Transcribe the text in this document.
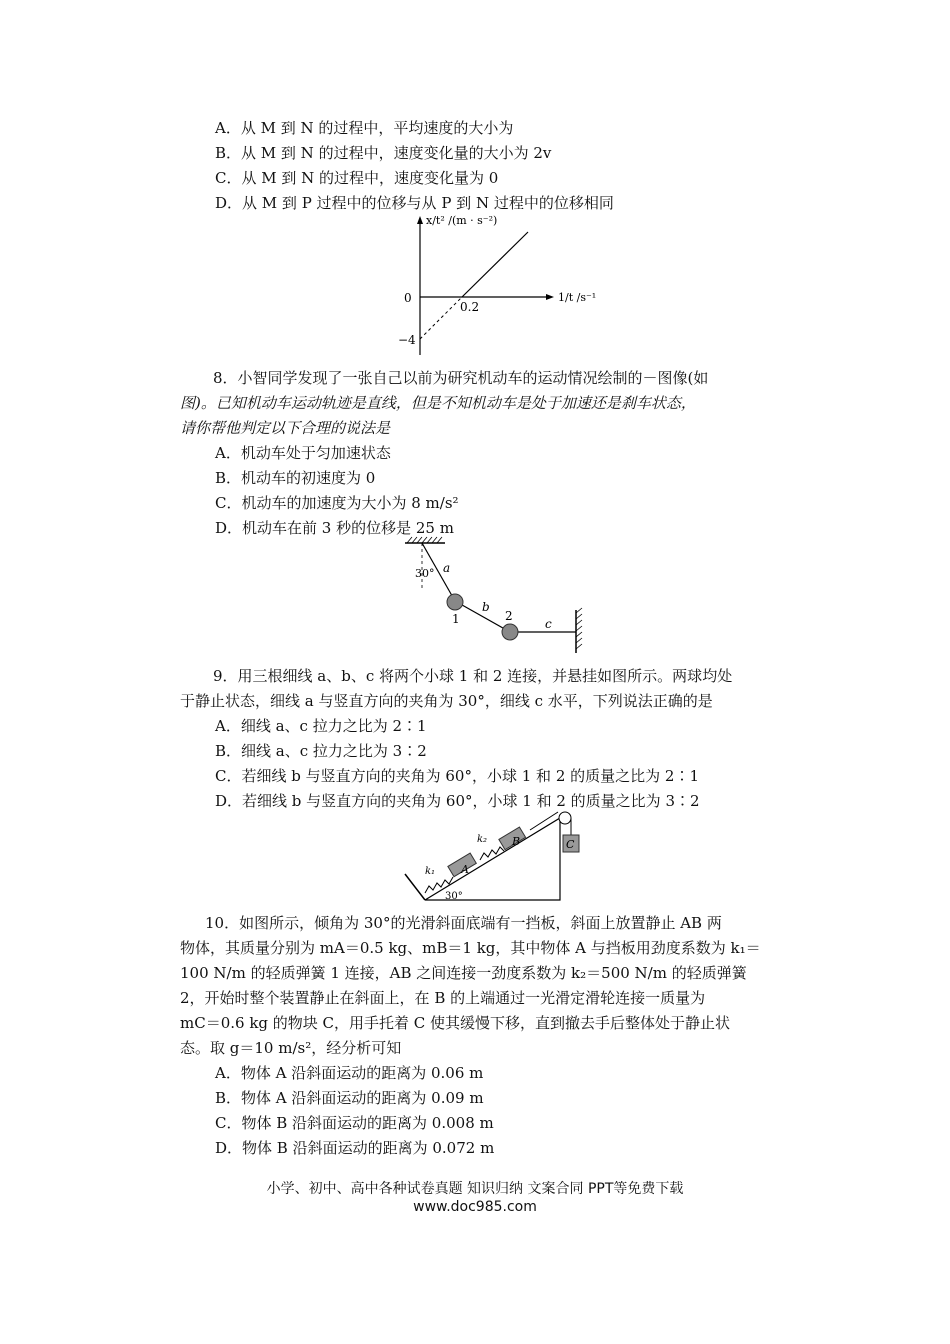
A．从 M 到 N 的过程中，平均速度的大小为
B．从 M 到 N 的过程中，速度变化量的大小为 2v
C．从 M 到 N 的过程中，速度变化量为 0
D．从 M 到 P 过程中的位移与从 P 到 N 过程中的位移相同
x/t² /(m · s⁻²)
1/t /s⁻¹
0
0.2
−4
8．小智同学发现了一张自己以前为研究机动车的运动情况绘制的－图像(如
图)。已知机动车运动轨迹是直线，但是不知机动车是处于加速还是刹车状态，
请你帮他判定以下合理的说法是
A．机动车处于匀加速状态
B．机动车的初速度为 0
C．机动车的加速度为大小为 8 m/s²
D．机动车在前 3 秒的位移是 25 m
30° a
b
c
1	2
9．用三根细线 a、b、c 将两个小球 1 和 2 连接，并悬挂如图所示。两球均处
于静止状态，细线 a 与竖直方向的夹角为 30°，细线 c 水平，下列说法正确的是
A．细线 a、c 拉力之比为 2∶1
B．细线 a、c 拉力之比为 3∶2
C．若细线 b 与竖直方向的夹角为 60°，小球 1 和 2 的质量之比为 2∶1
D．若细线 b 与竖直方向的夹角为 60°，小球 1 和 2 的质量之比为 3∶2
k₁
k₂
A
B	C
30°
10．如图所示，倾角为 30°的光滑斜面底端有一挡板，斜面上放置静止 AB 两
物体，其质量分别为 mA＝0.5 kg、mB＝1 kg，其中物体 A 与挡板用劲度系数为 k₁＝
100 N/m 的轻质弹簧 1 连接，AB 之间连接一劲度系数为 k₂＝500 N/m 的轻质弹簧
2，开始时整个装置静止在斜面上，在 B 的上端通过一光滑定滑轮连接一质量为
mC＝0.6 kg 的物块 C，用手托着 C 使其缓慢下移，直到撤去手后整体处于静止状
态。取 g＝10 m/s²，经分析可知
A．物体 A 沿斜面运动的距离为 0.06 m
B．物体 A 沿斜面运动的距离为 0.09 m
C．物体 B 沿斜面运动的距离为 0.008 m
D．物体 B 沿斜面运动的距离为 0.072 m
小学、初中、高中各种试卷真题 知识归纳 文案合同 PPT等免费下载
www.doc985.com
